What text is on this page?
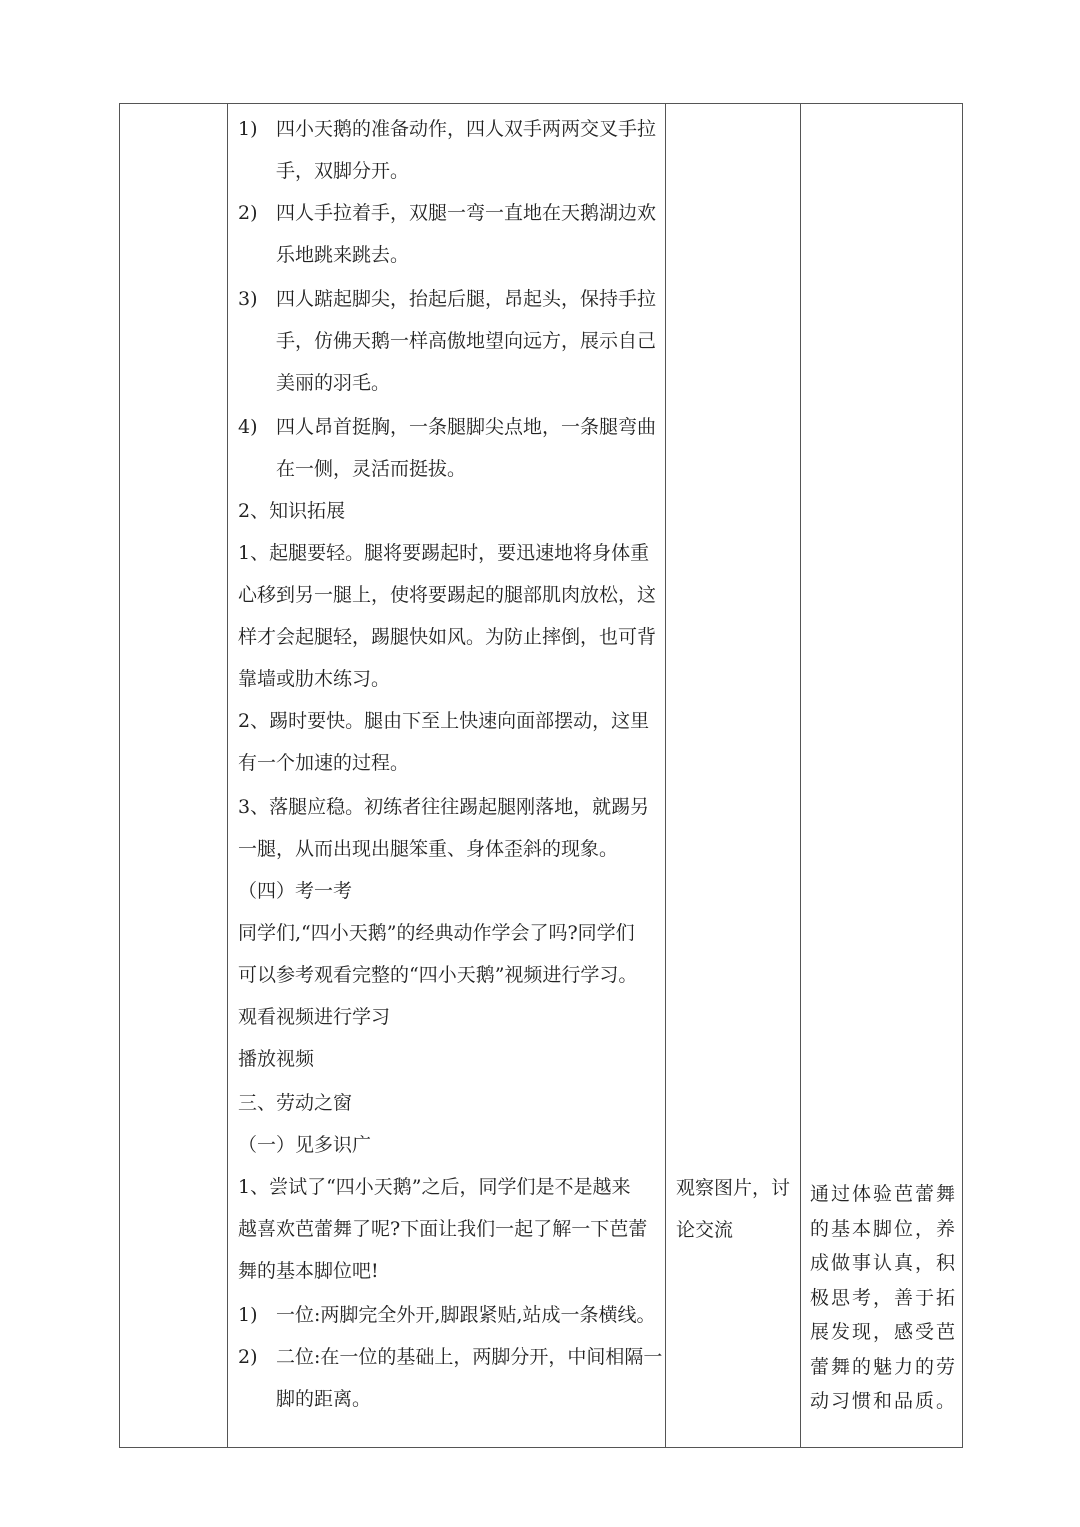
1) 四小天鹅的准备动作，四人双手两两交叉手拉
手，双脚分开。
2) 四人手拉着手，双腿一弯一直地在天鹅湖边欢
乐地跳来跳去。
3) 四人踮起脚尖，抬起后腿，昂起头，保持手拉
手，仿佛天鹅一样高傲地望向远方，展示自己
美丽的羽毛。
4) 四人昂首挺胸，一条腿脚尖点地，一条腿弯曲
在一侧，灵活而挺拔。
2、知识拓展
1、起腿要轻。腿将要踢起时，要迅速地将身体重
心移到另一腿上，使将要踢起的腿部肌肉放松，这
样才会起腿轻，踢腿快如风。为防止摔倒，也可背
靠墙或肋木练习。
2、踢时要快。腿由下至上快速向面部摆动，这里
有一个加速的过程。
3、落腿应稳。初练者往往踢起腿刚落地，就踢另
一腿，从而出现出腿笨重、身体歪斜的现象。
（四）考一考
同学们,“四小天鹅”的经典动作学会了吗?同学们
可以参考观看完整的“四小天鹅”视频进行学习。
观看视频进行学习
播放视频
三、劳动之窗
（一）见多识广
1、尝试了“四小天鹅”之后，同学们是不是越来
越喜欢芭蕾舞了呢?下面让我们一起了解一下芭蕾
舞的基本脚位吧!
1) 一位:两脚完全外开,脚跟紧贴,站成一条横线。
2) 二位:在一位的基础上，两脚分开，中间相隔一
脚的距离。
观察图片，讨
论交流
通过体验芭蕾舞
的基本脚位，养
成做事认真，积
极思考，善于拓
展发现，感受芭
蕾舞的魅力的劳
动习惯和品质。
